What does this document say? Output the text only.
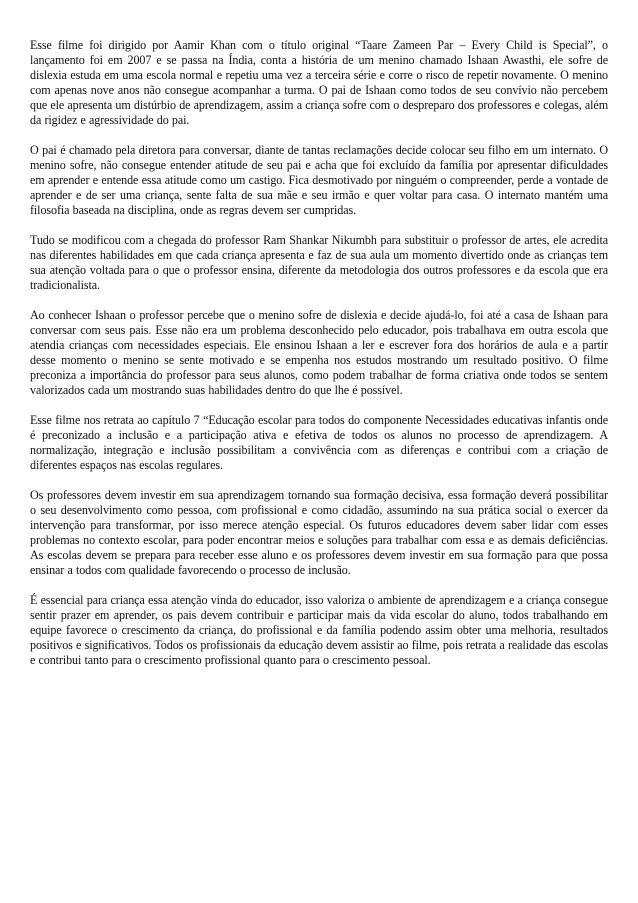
Esse filme foi dirigido por Aamir Khan com o título original “Taare Zameen Par – Every Child is Special”, o lançamento foi em 2007 e se passa na Índia, conta a história de um menino chamado Ishaan Awasthi, ele sofre de dislexia estuda em uma escola normal e repetiu uma vez a terceira série e corre o risco de repetir novamente. O menino com apenas nove anos não consegue acompanhar a turma. O pai de Ishaan como todos de seu convívio não percebem que ele apresenta um distúrbio de aprendizagem, assim a criança sofre com o despreparo dos professores e colegas, além da rigidez e agressividade do pai.

O pai é chamado pela diretora para conversar, diante de tantas reclamações decide colocar seu filho em um internato. O menino sofre, não consegue entender atitude de seu pai e acha que foi excluído da família por apresentar dificuldades em aprender e entende essa atitude como um castigo. Fica desmotivado por ninguém o compreender, perde a vontade de aprender e de ser uma criança, sente falta de sua mãe e seu irmão e quer voltar para casa. O internato mantém uma filosofia baseada na disciplina, onde as regras devem ser cumpridas.

Tudo se modificou com a chegada do professor Ram Shankar Nikumbh para substituir o professor de artes, ele acredita nas diferentes habilidades em que cada criança apresenta e faz de sua aula um momento divertido onde as crianças tem sua atenção voltada para o que o professor ensina, diferente da metodologia dos outros professores e da escola que era tradicionalista.

Ao conhecer Ishaan o professor percebe que o menino sofre de dislexia e decide ajudá-lo, foi até a casa de Ishaan para conversar com seus pais. Esse não era um problema desconhecido pelo educador, pois trabalhava em outra escola que atendia crianças com necessidades especiais. Ele ensinou Ishaan a ler e escrever fora dos horários de aula e a partir desse momento o menino se sente motivado e se empenha nos estudos mostrando um resultado positivo. O filme preconiza a importância do professor para seus alunos, como podem trabalhar de forma criativa onde todos se sentem valorizados cada um mostrando suas habilidades dentro do que lhe é possível.

Esse filme nos retrata ao capítulo 7 “Educação escolar para todos do componente Necessidades educativas infantis onde é preconizado a inclusão e a participação ativa e efetiva de todos os alunos no processo de aprendizagem. A normalização, integração e inclusão possibilitam a convivência com as diferenças e contribui com a criação de diferentes espaços nas escolas regulares.

Os professores devem investir em sua aprendizagem tornando sua formação decisiva, essa formação deverá possibilitar o seu desenvolvimento como pessoa, com profissional e como cidadão, assumindo na sua prática social o exercer da intervenção para transformar, por isso merece atenção especial. Os futuros educadores devem saber lidar com esses problemas no contexto escolar, para poder encontrar meios e soluções para trabalhar com essa e as demais deficiências. As escolas devem se prepara para receber esse aluno e os professores devem investir em sua formação para que possa ensinar a todos com qualidade favorecendo o processo de inclusão.

É essencial para criança essa atenção vinda do educador, isso valoriza o ambiente de aprendizagem e a criança consegue sentir prazer em aprender, os pais devem contribuir e participar mais da vida escolar do aluno, todos trabalhando em equipe favorece o crescimento da criança, do profissional e da família podendo assim obter uma melhoria, resultados positivos e significativos. Todos os profissionais da educação devem assistir ao filme, pois retrata a realidade das escolas e contribui tanto para o crescimento profissional quanto para o crescimento pessoal.
